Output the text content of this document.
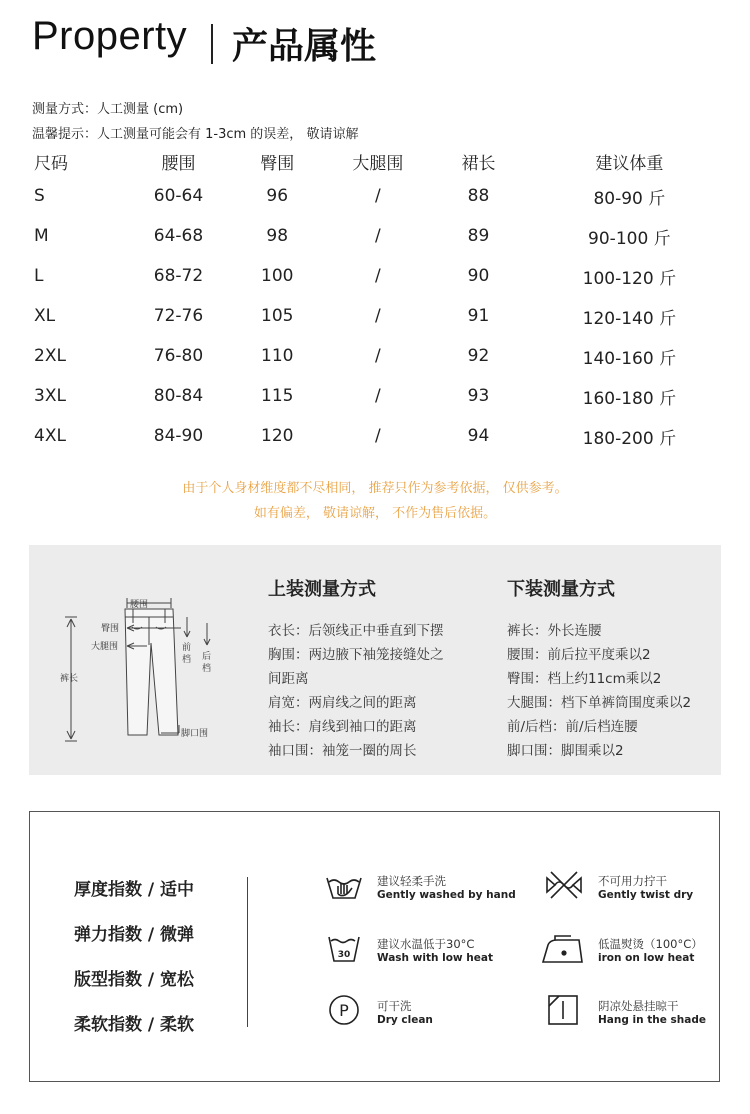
Property 产品属性
测量方式：人工测量 (cm)
温馨提示：人工测量可能会有 1-3cm 的误差， 敬请谅解
尺码	腰围	臀围	大腿围	裙长	建议体重
S	60-64	96	/	88	80-90 斤
M	64-68	98	/	89	90-100 斤
L	68-72	100	/	90	100-120 斤
XL	72-76	105	/	91	120-140 斤
2XL	76-80	110	/	92	140-160 斤
3XL	80-84	115	/	93	160-180 斤
4XL	84-90	120	/	94	180-200 斤
由于个人身材维度都不尽相同， 推荐只作为参考依据， 仅供参考。
如有偏差， 敬请谅解， 不作为售后依据。
腰围
臀围
大腿围
裤长
前
档 后
档
脚口围
上装测量方式
衣长：后领线正中垂直到下摆
胸围：两边腋下袖笼接缝处之
间距离
肩宽：两肩线之间的距离
袖长：肩线到袖口的距离
袖口围：袖笼一圈的周长
下装测量方式
裤长：外长连腰
腰围：前后拉平度乘以2
臀围：档上约11cm乘以2
大腿围：档下单裤筒围度乘以2
前/后档：前/后档连腰
脚口围：脚围乘以2
厚度指数 / 适中
弹力指数 / 微弹
版型指数 / 宽松
柔软指数 / 柔软
建议轻柔手洗
Gently washed by hand
不可用力拧干
Gently twist dry
30
建议水温低于30°C
Wash with low heat
低温熨烫（100°C）
iron on low heat
P 可干洗
Dry clean
阴凉处悬挂晾干
Hang in the shade
